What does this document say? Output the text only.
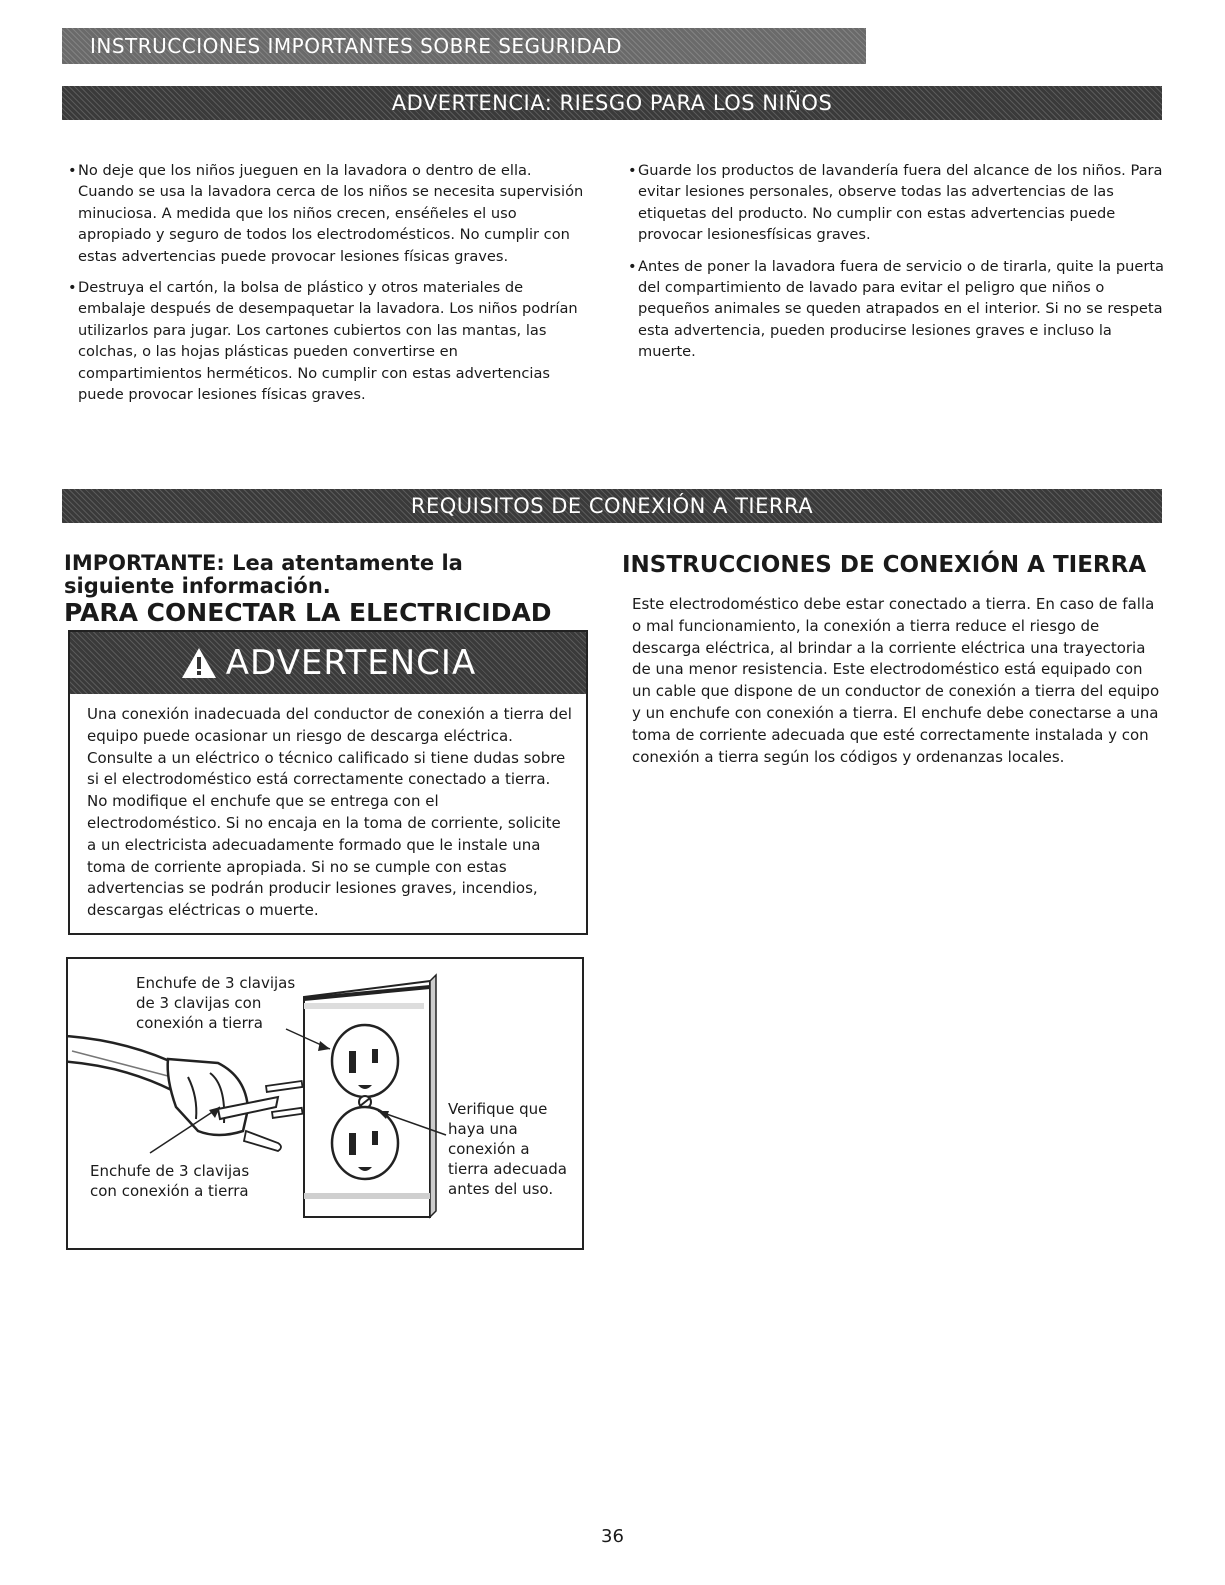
INSTRUCCIONES IMPORTANTES SOBRE SEGURIDAD
ADVERTENCIA: RIESGO PARA LOS NIÑOS

• No deje que los niños jueguen en la lavadora o dentro de ella. Cuando se usa la lavadora cerca de los niños se necesita supervisión minuciosa. A medida que los niños crecen, enséñeles el uso apropiado y seguro de todos los electrodomésticos. No cumplir con estas advertencias puede provocar lesiones físicas graves.

• Destruya el cartón, la bolsa de plástico y otros materiales de embalaje después de desempaquetar la lavadora. Los niños podrían utilizarlos para jugar. Los cartones cubiertos con las mantas, las colchas, o las hojas plásticas pueden convertirse en compartimientos herméticos. No cumplir con estas advertencias puede provocar lesiones físicas graves.

• Guarde los productos de lavandería fuera del alcance de los niños. Para evitar lesiones personales, observe todas las advertencias de las etiquetas del producto. No cumplir con estas advertencias puede provocar lesionesfísicas graves.

• Antes de poner la lavadora fuera de servicio o de tirarla, quite la puerta del compartimiento de lavado para evitar el peligro que niños o pequeños animales se queden atrapados en el interior. Si no se respeta esta advertencia, pueden producirse lesiones graves e incluso la muerte.

REQUISITOS DE CONEXIÓN A TIERRA
IMPORTANTE: Lea atentamente la
siguiente información.
PARA CONECTAR LA ELECTRICIDAD
ADVERTENCIA
Una conexión inadecuada del conductor de conexión a tierra del equipo puede ocasionar un riesgo de descarga eléctrica. Consulte a un eléctrico o técnico calificado si tiene dudas sobre si el electrodoméstico está correctamente conectado a tierra. No modifique el enchufe que se entrega con el electrodoméstico. Si no encaja en la toma de corriente, solicite a un electricista adecuadamente formado que le instale una toma de corriente apropiada. Si no se cumple con estas advertencias se podrán producir lesiones graves, incendios, descargas eléctricas o muerte.
INSTRUCCIONES DE CONEXIÓN A TIERRA
Este electrodoméstico debe estar conectado a tierra. En caso de falla o mal funcionamiento, la conexión a tierra reduce el riesgo de descarga eléctrica, al brindar a la corriente eléctrica una trayectoria de una menor resistencia. Este electrodoméstico está equipado con un cable que dispone de un conductor de conexión a tierra del equipo y un enchufe con conexión a tierra. El enchufe debe conectarse a una toma de corriente adecuada que esté correctamente instalada y con conexión a tierra según los códigos y ordenanzas locales.
Enchufe de 3 clavijas
de 3 clavijas con
conexión a tierra
Enchufe de 3 clavijas
con conexión a tierra
Verifique que
haya una
conexión a
tierra adecuada
antes del uso.
36
